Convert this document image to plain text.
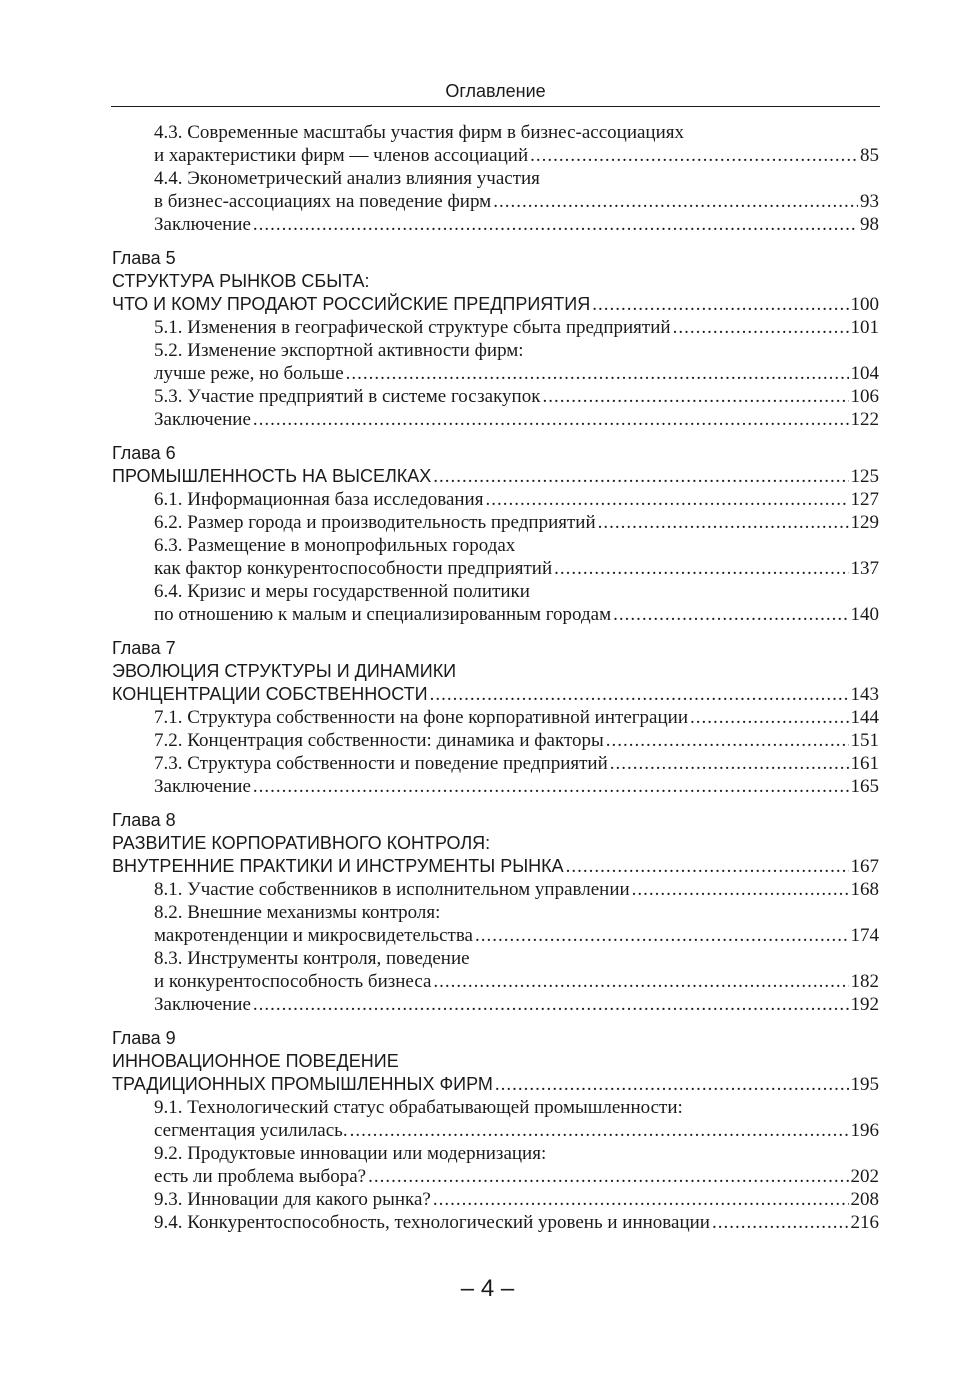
Оглавление
4.3. Современные масштабы участия фирм в бизнес-ассоциациях
и характеристики фирм — членов ассоциаций .....	85
4.4. Эконометрический анализ влияния участия
в бизнес-ассоциациях на поведение фирм .....	93
Заключение .....	98
Глава 5
СТРУКТУРА РЫНКОВ СБЫТА:
ЧТО И КОМУ ПРОДАЮТ РОССИЙСКИЕ ПРЕДПРИЯТИЯ .....	100
5.1. Изменения в географической структуре сбыта предприятий .....	101
5.2. Изменение экспортной активности фирм:
лучше реже, но больше .....	104
5.3. Участие предприятий в системе госзакупок .....	106
Заключение .....	122
Глава 6
ПРОМЫШЛЕННОСТЬ НА ВЫСЕЛКАХ .....	125
6.1. Информационная база исследования .....	127
6.2. Размер города и производительность предприятий .....	129
6.3. Размещение в монопрофильных городах
как фактор конкурентоспособности предприятий .....	137
6.4. Кризис и меры государственной политики
по отношению к малым и специализированным городам .....	140
Глава 7
ЭВОЛЮЦИЯ СТРУКТУРЫ И ДИНАМИКИ
КОНЦЕНТРАЦИИ СОБСТВЕННОСТИ .....	143
7.1. Структура собственности на фоне корпоративной интеграции .....	144
7.2. Концентрация собственности: динамика и факторы .....	151
7.3. Структура собственности и поведение предприятий .....	161
Заключение .....	165
Глава 8
РАЗВИТИЕ КОРПОРАТИВНОГО КОНТРОЛЯ:
ВНУТРЕННИЕ ПРАКТИКИ И ИНСТРУМЕНТЫ РЫНКА .....	167
8.1. Участие собственников в исполнительном управлении .....	168
8.2. Внешние механизмы контроля:
макротенденции и микросвидетельства .....	174
8.3. Инструменты контроля, поведение
и конкурентоспособность бизнеса .....	182
Заключение .....	192
Глава 9
ИННОВАЦИОННОЕ ПОВЕДЕНИЕ
ТРАДИЦИОННЫХ ПРОМЫШЛЕННЫХ ФИРМ .....	195
9.1. Технологический статус обрабатывающей промышленности:
сегментация усилилась. .....	196
9.2. Продуктовые инновации или модернизация:
есть ли проблема выбора? .....	202
9.3. Инновации для какого рынка? .....	208
9.4. Конкурентоспособность, технологический уровень и инновации .....	216
– 4 –
